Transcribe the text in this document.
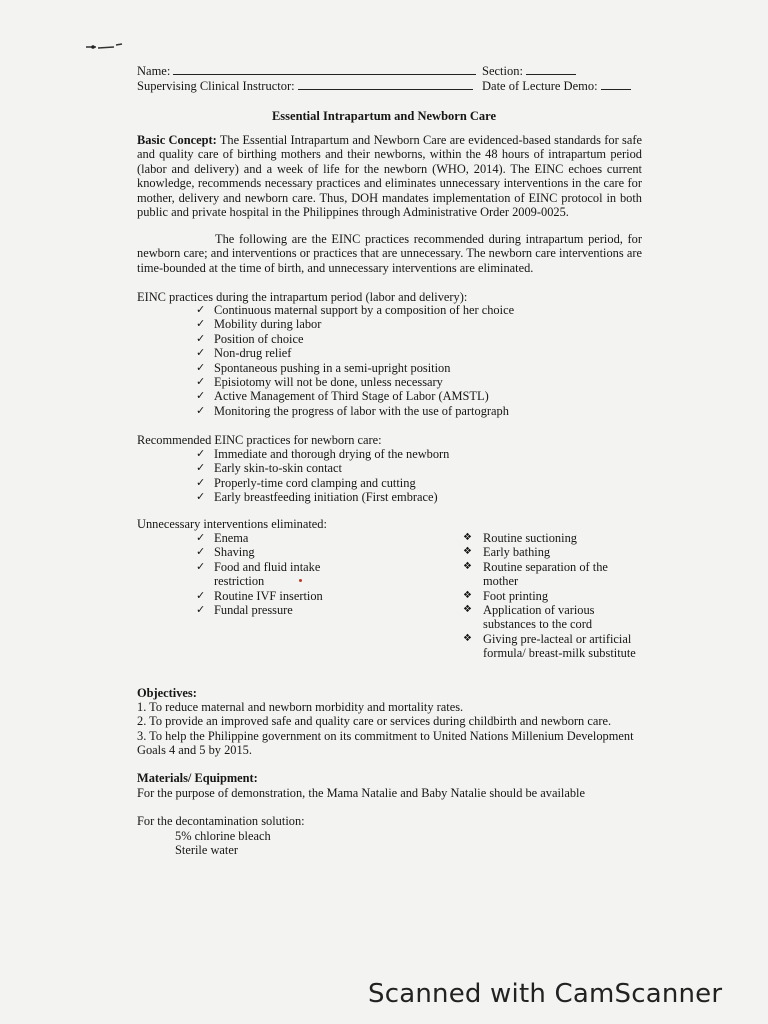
Name:	Section:
Supervising Clinical Instructor:	Date of Lecture Demo:
Essential Intrapartum and Newborn Care
Basic Concept: The Essential Intrapartum and Newborn Care are evidenced-based standards for safe and quality care of birthing mothers and their newborns, within the 48 hours of intrapartum period (labor and delivery) and a week of life for the newborn (WHO, 2014). The EINC echoes current knowledge, recommends necessary practices and eliminates unnecessary interventions in the care for mother, delivery and newborn care. Thus, DOH mandates implementation of EINC protocol in both public and private hospital in the Philippines through Administrative Order 2009-0025.
The following are the EINC practices recommended during intrapartum period, for newborn care; and interventions or practices that are unnecessary. The newborn care interventions are time-bounded at the time of birth, and unnecessary interventions are eliminated.
EINC practices during the intrapartum period (labor and delivery):
✓ Continuous maternal support by a composition of her choice
✓ Mobility during labor
✓ Position of choice
✓ Non-drug relief
✓ Spontaneous pushing in a semi-upright position
✓ Episiotomy will not be done, unless necessary
✓ Active Management of Third Stage of Labor (AMSTL)
✓ Monitoring the progress of labor with the use of partograph
Recommended EINC practices for newborn care:
✓ Immediate and thorough drying of the newborn
✓ Early skin-to-skin contact
✓ Properly-time cord clamping and cutting
✓ Early breastfeeding initiation (First embrace)
Unnecessary interventions eliminated:
✓ Enema
✓ Shaving
✓ Food and fluid intake restriction
✓ Routine IVF insertion
✓ Fundal pressure
❖ Routine suctioning
❖ Early bathing
❖ Routine separation of the mother
❖ Foot printing
❖ Application of various substances to the cord
❖ Giving pre-lacteal or artificial formula/ breast-milk substitute
Objectives:
1. To reduce maternal and newborn morbidity and mortality rates.
2. To provide an improved safe and quality care or services during childbirth and newborn care.
3. To help the Philippine government on its commitment to United Nations Millenium Development Goals 4 and 5 by 2015.
Materials/ Equipment:
For the purpose of demonstration, the Mama Natalie and Baby Natalie should be available
For the decontamination solution:
5% chlorine bleach
Sterile water
Scanned with CamScanner
